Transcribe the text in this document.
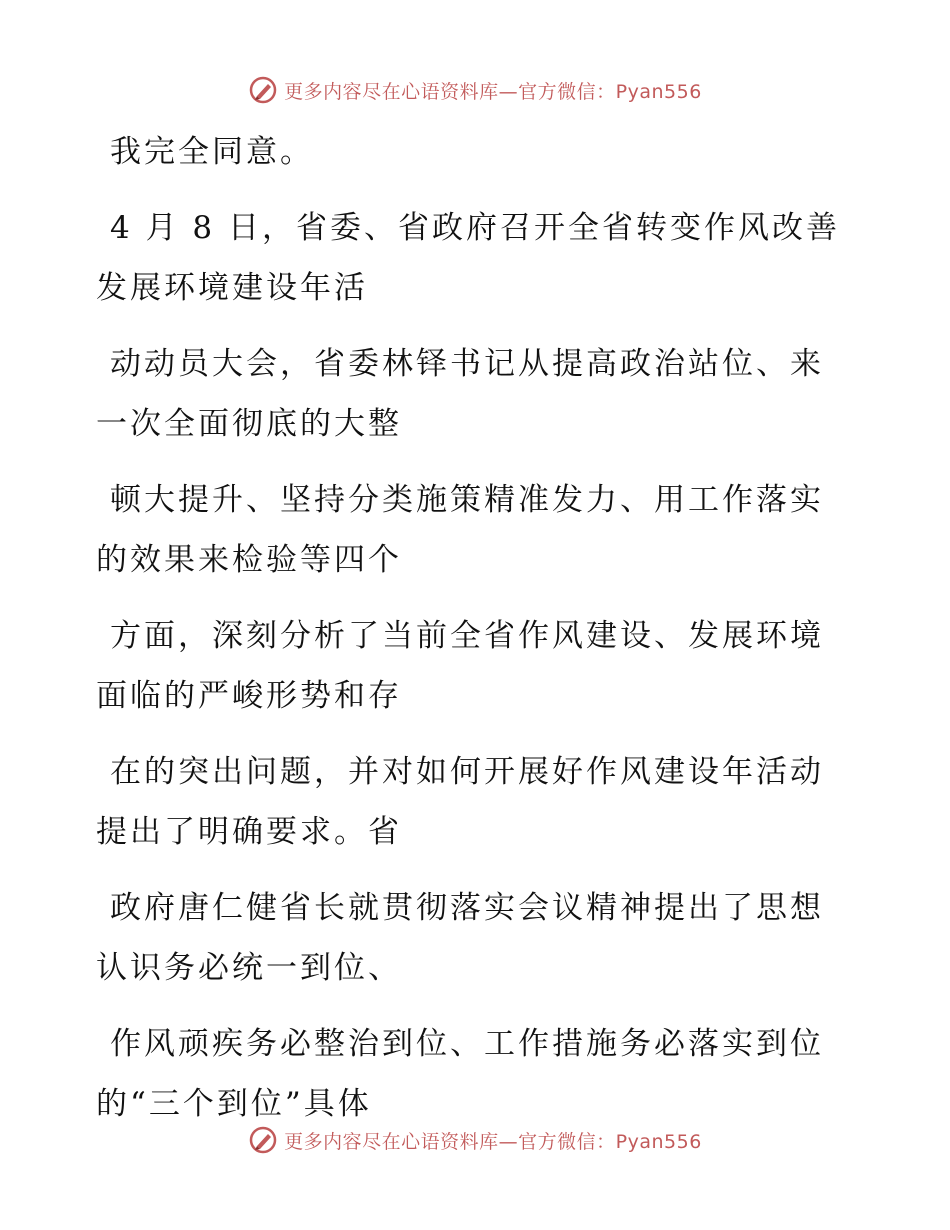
更多内容尽在心语资料库—官方微信：Pyan556

我完全同意。

4 月 8 日，省委、省政府召开全省转变作风改善
发展环境建设年活

动动员大会，省委林铎书记从提高政治站位、来
一次全面彻底的大整

顿大提升、坚持分类施策精准发力、用工作落实
的效果来检验等四个

方面，深刻分析了当前全省作风建设、发展环境
面临的严峻形势和存

在的突出问题，并对如何开展好作风建设年活动
提出了明确要求。省

政府唐仁健省长就贯彻落实会议精神提出了思想
认识务必统一到位、

作风顽疾务必整治到位、工作措施务必落实到位
的“三个到位”具体

更多内容尽在心语资料库—官方微信：Pyan556
